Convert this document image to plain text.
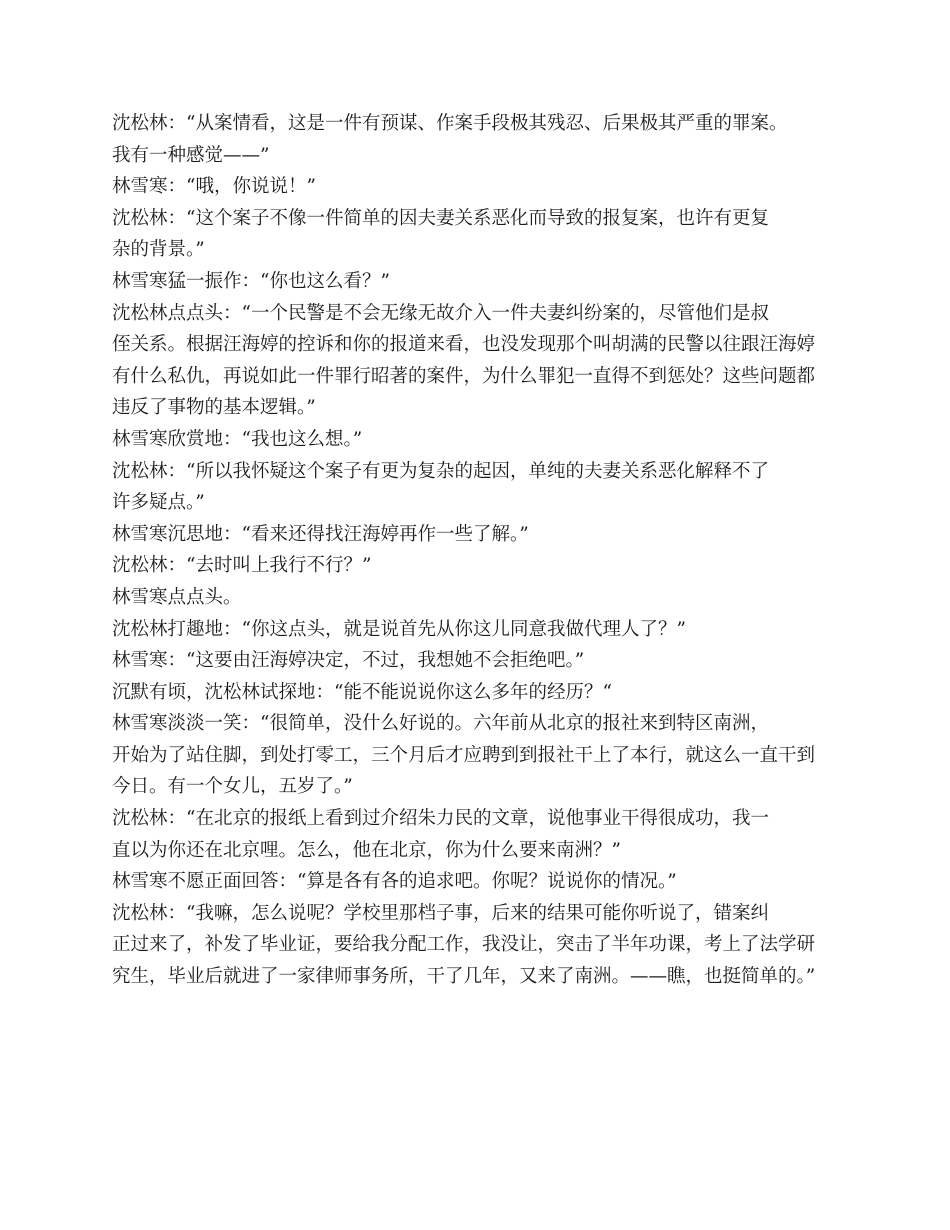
沈松林：“从案情看，这是一件有预谋、作案手段极其残忍、后果极其严重的罪案。
我有一种感觉——”
林雪寒：“哦，你说说！”
沈松林：“这个案子不像一件简单的因夫妻关系恶化而导致的报复案，也许有更复
杂的背景。”
林雪寒猛一振作：“你也这么看？”
沈松林点点头：“一个民警是不会无缘无故介入一件夫妻纠纷案的，尽管他们是叔
侄关系。根据汪海婷的控诉和你的报道来看，也没发现那个叫胡满的民警以往跟汪海婷
有什么私仇，再说如此一件罪行昭著的案件，为什么罪犯一直得不到惩处？这些问题都
违反了事物的基本逻辑。”
林雪寒欣赏地：“我也这么想。”
沈松林：“所以我怀疑这个案子有更为复杂的起因，单纯的夫妻关系恶化解释不了
许多疑点。”
林雪寒沉思地：“看来还得找汪海婷再作一些了解。”
沈松林：“去时叫上我行不行？”
林雪寒点点头。
沈松林打趣地：“你这点头，就是说首先从你这儿同意我做代理人了？”
林雪寒：“这要由汪海婷决定，不过，我想她不会拒绝吧。”
沉默有顷，沈松林试探地：“能不能说说你这么多年的经历？“
林雪寒淡淡一笑：“很简单，没什么好说的。六年前从北京的报社来到特区南洲，
开始为了站住脚，到处打零工，三个月后才应聘到到报社干上了本行，就这么一直干到
今日。有一个女儿，五岁了。”
沈松林：“在北京的报纸上看到过介绍朱力民的文章，说他事业干得很成功，我一
直以为你还在北京哩。怎么，他在北京，你为什么要来南洲？”
林雪寒不愿正面回答：“算是各有各的追求吧。你呢？说说你的情况。”
沈松林：“我嘛，怎么说呢？学校里那档子事，后来的结果可能你听说了，错案纠
正过来了，补发了毕业证，要给我分配工作，我没让，突击了半年功课，考上了法学研
究生，毕业后就进了一家律师事务所，干了几年，又来了南洲。——瞧，也挺简单的。”
